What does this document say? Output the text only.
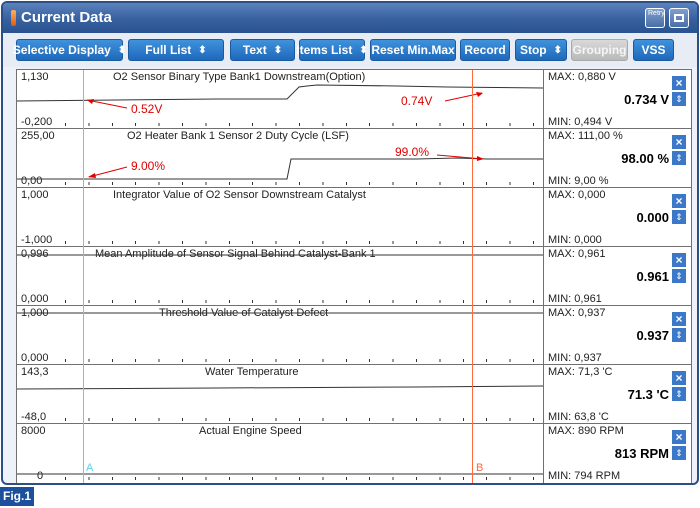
Current Data	Retry
Selective Display ⬍ Full List ⬍	Text ⬍ Items List ⬍ Reset Min.Max Record	Stop ⬍ Grouping	VSS
1,130	O2 Sensor Binary Type Bank1 Downstream(Option)
-0,200
0.52V
0.74V
MAX: 0,880 V	×
0.734 V ⇕
MIN: 0,494 V
255,00	O2 Heater Bank 1 Sensor 2 Duty Cycle (LSF)
0,00
9.00%
99.0%
MAX: 111,00 %	×
98.00 % ⇕
MIN: 9,00 %
1,000	Integrator Value of O2 Sensor Downstream Catalyst
-1,000
MAX: 0,000	×
0.000 ⇕
MIN: 0,000
0,996	Mean Amplitude of Sensor Signal Behind Catalyst-Bank 1
0,000
MAX: 0,961	×
0.961 ⇕
MIN: 0,961
1,000	Threshold Value of Catalyst Defect
0,000
MAX: 0,937	×
0.937 ⇕
MIN: 0,937
143,3	Water Temperature
-48,0
MAX: 71,3 'C	×
71.3 'C ⇕
MIN: 63,8 'C
8000	Actual Engine Speed
0
MAX: 890 RPM	×
813 RPM ⇕
MIN: 794 RPM
A	B
Fig.1
